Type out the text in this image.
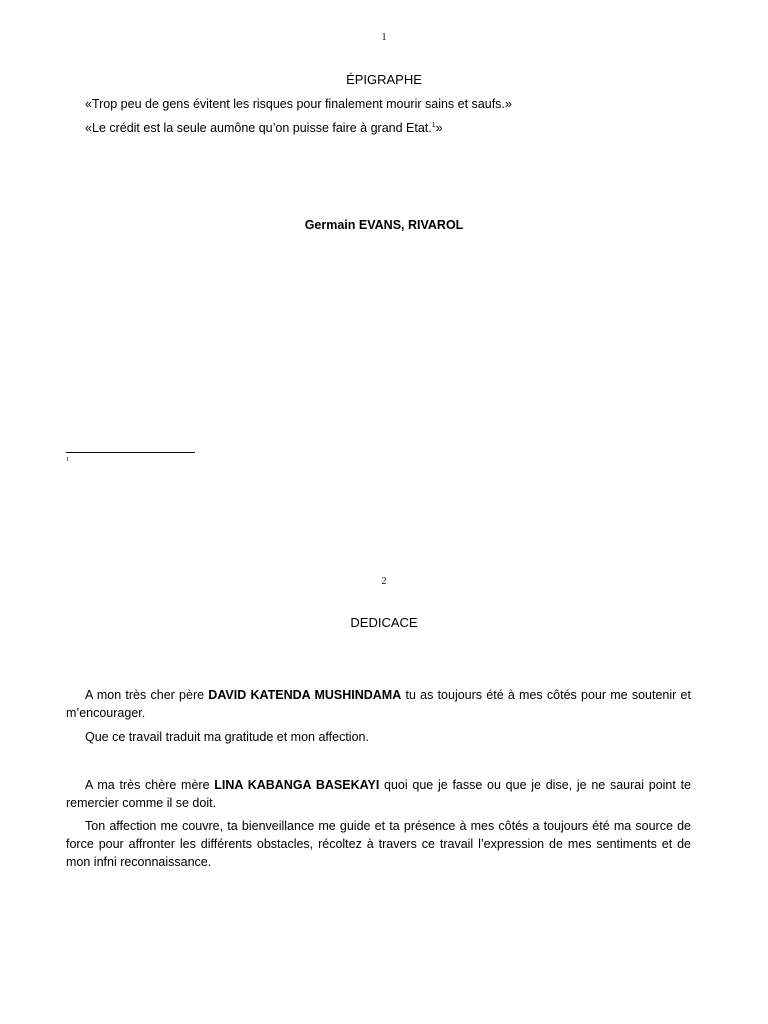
1
ÉPIGRAPHE
«Trop peu de gens évitent les risques pour finalement mourir sains et saufs.»
«Le crédit est la seule aumône qu’on puisse faire à grand Etat.$^1$»
Germain EVANS, RIVAROL
1
2
DEDICACE
A mon très cher père DAVID KATENDA MUSHINDAMA tu as toujours été à mes côtés pour me soutenir et m’encourager.
Que ce travail traduit ma gratitude et mon affection.
A ma très chère mère LINA KABANGA BASEKAYI quoi que je fasse ou que je dise, je ne saurai point te remercier comme il se doit.
Ton affection me couvre, ta bienveillance me guide et ta présence à mes côtés a toujours été ma source de force pour affronter les différents obstacles, récoltez à travers ce travail l’expression de mes sentiments et de mon infni reconnaissance.
